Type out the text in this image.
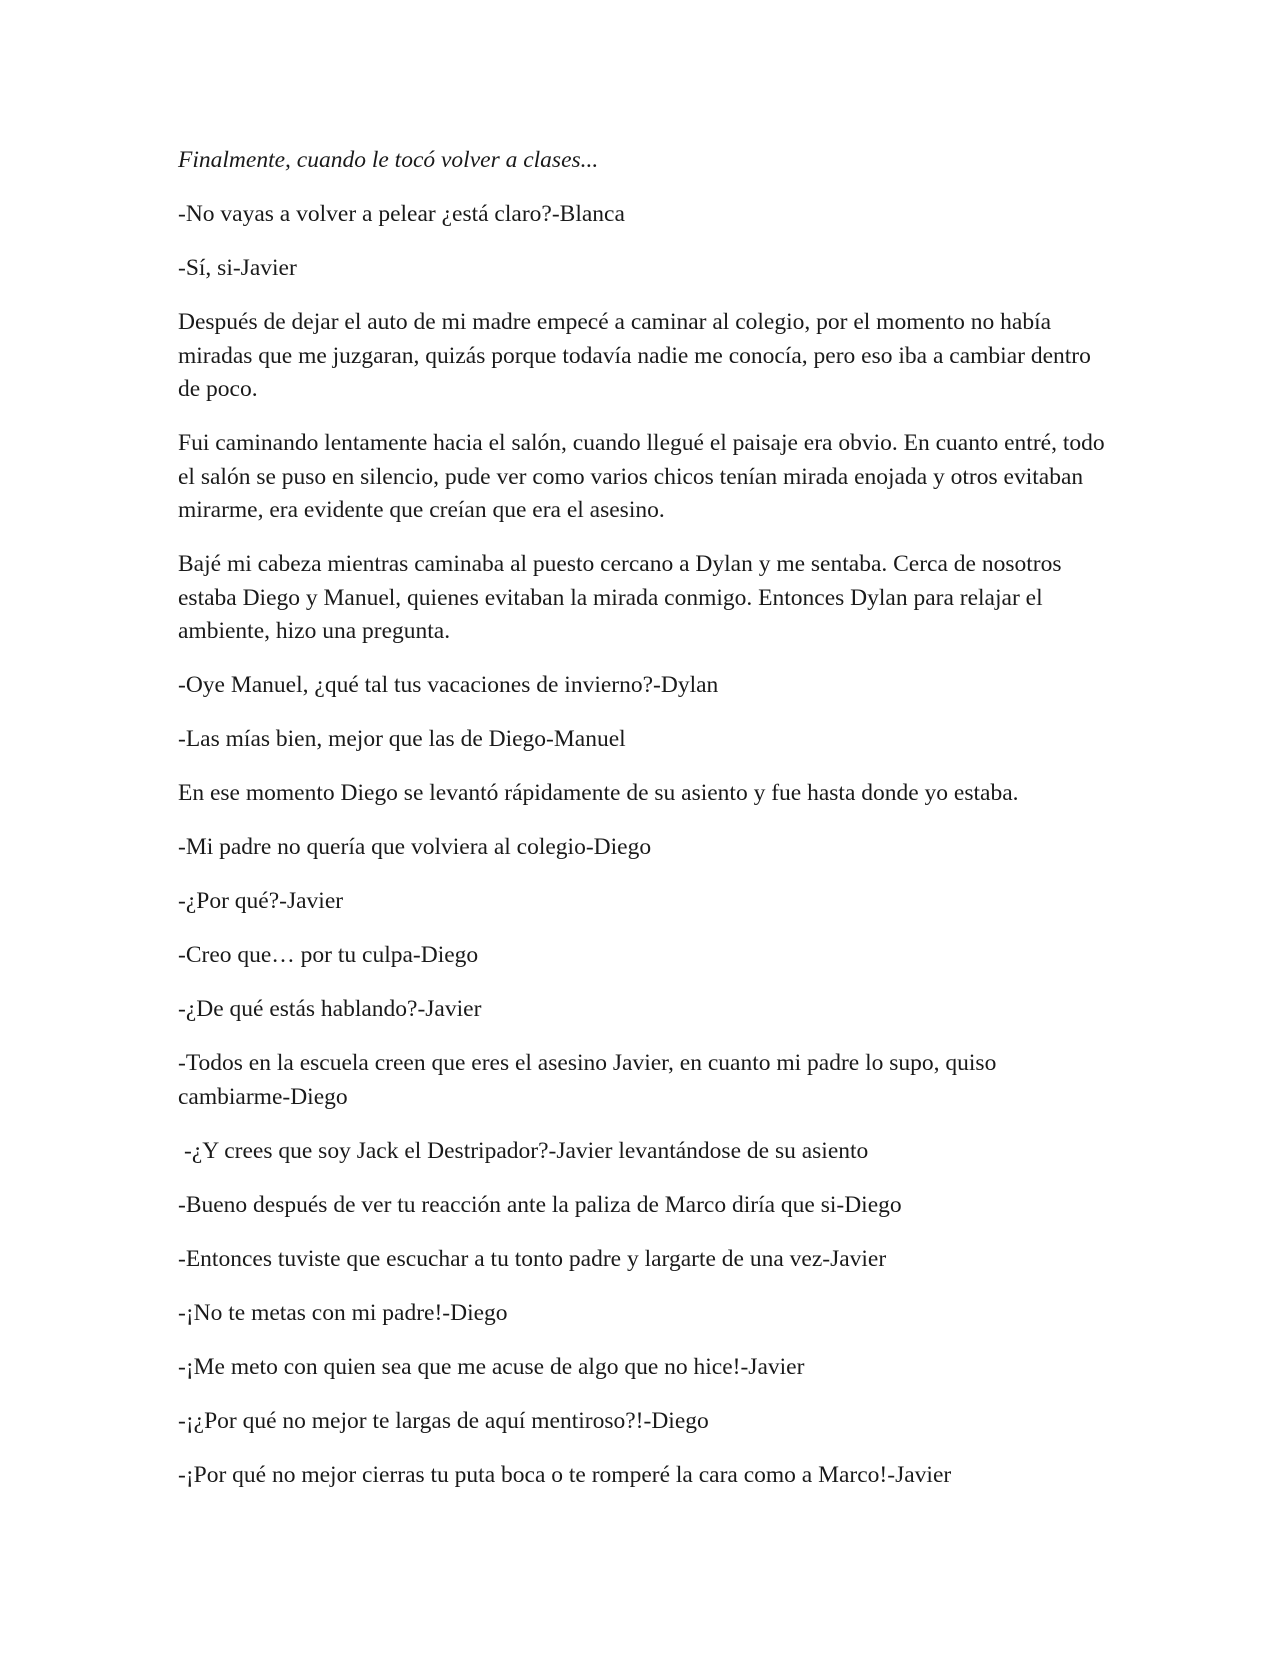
Finalmente, cuando le tocó volver a clases...

-No vayas a volver a pelear ¿está claro?-Blanca

-Sí, si-Javier

Después de dejar el auto de mi madre empecé a caminar al colegio, por el momento no había miradas que me juzgaran, quizás porque todavía nadie me conocía, pero eso iba a cambiar dentro de poco.

Fui caminando lentamente hacia el salón, cuando llegué el paisaje era obvio. En cuanto entré, todo el salón se puso en silencio, pude ver como varios chicos tenían mirada enojada y otros evitaban mirarme, era evidente que creían que era el asesino.

Bajé mi cabeza mientras caminaba al puesto cercano a Dylan y me sentaba. Cerca de nosotros estaba Diego y Manuel, quienes evitaban la mirada conmigo. Entonces Dylan para relajar el ambiente, hizo una pregunta.

-Oye Manuel, ¿qué tal tus vacaciones de invierno?-Dylan

-Las mías bien, mejor que las de Diego-Manuel

En ese momento Diego se levantó rápidamente de su asiento y fue hasta donde yo estaba.

-Mi padre no quería que volviera al colegio-Diego

-¿Por qué?-Javier

-Creo que… por tu culpa-Diego

-¿De qué estás hablando?-Javier

-Todos en la escuela creen que eres el asesino Javier, en cuanto mi padre lo supo, quiso cambiarme-Diego

-¿Y crees que soy Jack el Destripador?-Javier levantándose de su asiento

-Bueno después de ver tu reacción ante la paliza de Marco diría que si-Diego

-Entonces tuviste que escuchar a tu tonto padre y largarte de una vez-Javier

-¡No te metas con mi padre!-Diego

-¡Me meto con quien sea que me acuse de algo que no hice!-Javier

-¡¿Por qué no mejor te largas de aquí mentiroso?!-Diego

-¡Por qué no mejor cierras tu puta boca o te romperé la cara como a Marco!-Javier
